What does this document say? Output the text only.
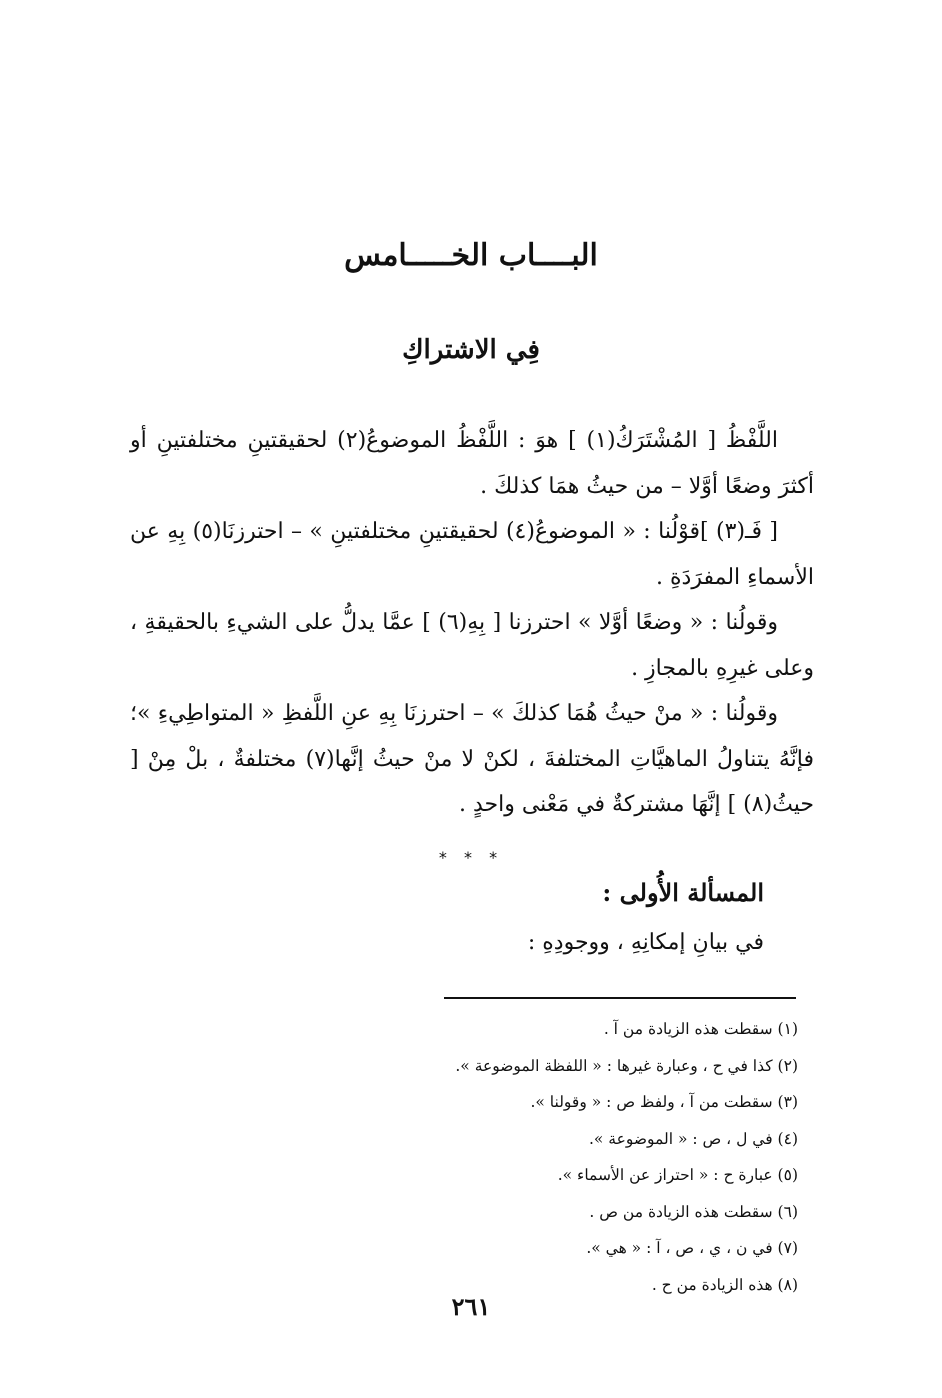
البــــاب الخـــــامس
فِي الاشتراكِ

اللَّفْظُ [ المُشْتَرَكُ(١) ] هوَ : اللَّفْظُ الموضوعُ(٢) لحقيقتينِ مختلفتينِ أو أكثرَ وضعًا أوَّلا – من حيثُ همَا كذلكَ .

[ فَـ(٣) ]قوْلُنا : « الموضوعُ(٤) لحقيقتينِ مختلفتينِ » – احترزنَا(٥) بِهِ عن الأسماءِ المفرَدَةِ .

وقولُنا : « وضعًا أوَّلا » احترزنا [ بِهِ(٦) ] عمَّا يدلُّ على الشيءِ بالحقيقةِ ، وعلى غيرِهِ بالمجازِ .

وقولُنا : « منْ حيثُ هُمَا كذلكَ » – احترزنَا بِهِ عنِ اللَّفظِ « المتواطِيءِ »؛ فإنَّهُ يتناولُ الماهيَّاتِ المختلفةَ ، لكنْ لا منْ حيثُ إنَّها(٧) مختلفةٌ ، بلْ مِنْ [ حيثُ(٨) ] إنَّهَا مشتركةٌ في مَعْنى واحدٍ .

* * *
المسألة الأُولى :
في بيانِ إمكانِهِ ، ووجودِهِ :

(١) سقطت هذه الزيادة من آ .

(٢) كذا في ح ، وعبارة غيرها : « اللفظة الموضوعة ».

(٣) سقطت من آ ، ولفظ ص : « وقولنا ».

(٤) في ل ، ص : « الموضوعة ».

(٥) عبارة ح : « احتراز عن الأسماء ».

(٦) سقطت هذه الزيادة من ص .

(٧) في ن ، ي ، ص ، آ : « هي ».

(٨) هذه الزيادة من ح .

٢٦١
